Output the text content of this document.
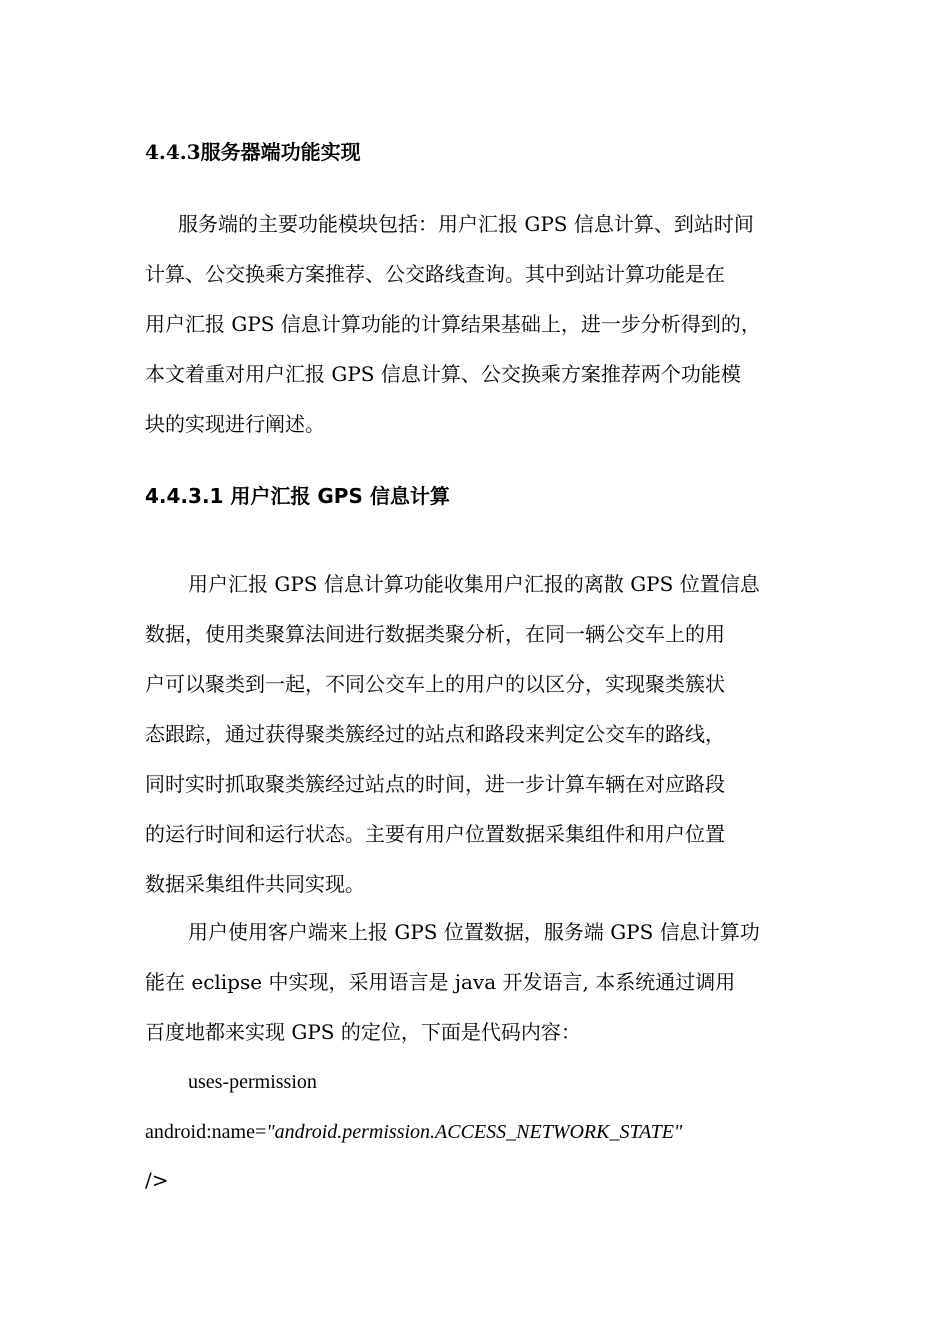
4.4.3服务器端功能实现
服务端的主要功能模块包括：用户汇报 GPS 信息计算、到站时间
计算、公交换乘方案推荐、公交路线查询。其中到站计算功能是在
用户汇报 GPS 信息计算功能的计算结果基础上，进一步分析得到的，
本文着重对用户汇报 GPS 信息计算、公交换乘方案推荐两个功能模
块的实现进行阐述。
4.4.3.1 用户汇报 GPS 信息计算
用户汇报 GPS 信息计算功能收集用户汇报的离散 GPS 位置信息
数据，使用类聚算法间进行数据类聚分析，在同一辆公交车上的用
户可以聚类到一起，不同公交车上的用户的以区分，实现聚类簇状
态跟踪，通过获得聚类簇经过的站点和路段来判定公交车的路线，
同时实时抓取聚类簇经过站点的时间，进一步计算车辆在对应路段
的运行时间和运行状态。主要有用户位置数据采集组件和用户位置
数据采集组件共同实现。
用户使用客户端来上报 GPS 位置数据，服务端 GPS 信息计算功
能在 eclipse 中实现，采用语言是 java 开发语言, 本系统通过调用
百度地都来实现 GPS 的定位，下面是代码内容：
uses-permission
android:name="android.permission.ACCESS_NETWORK_STATE"
/>
